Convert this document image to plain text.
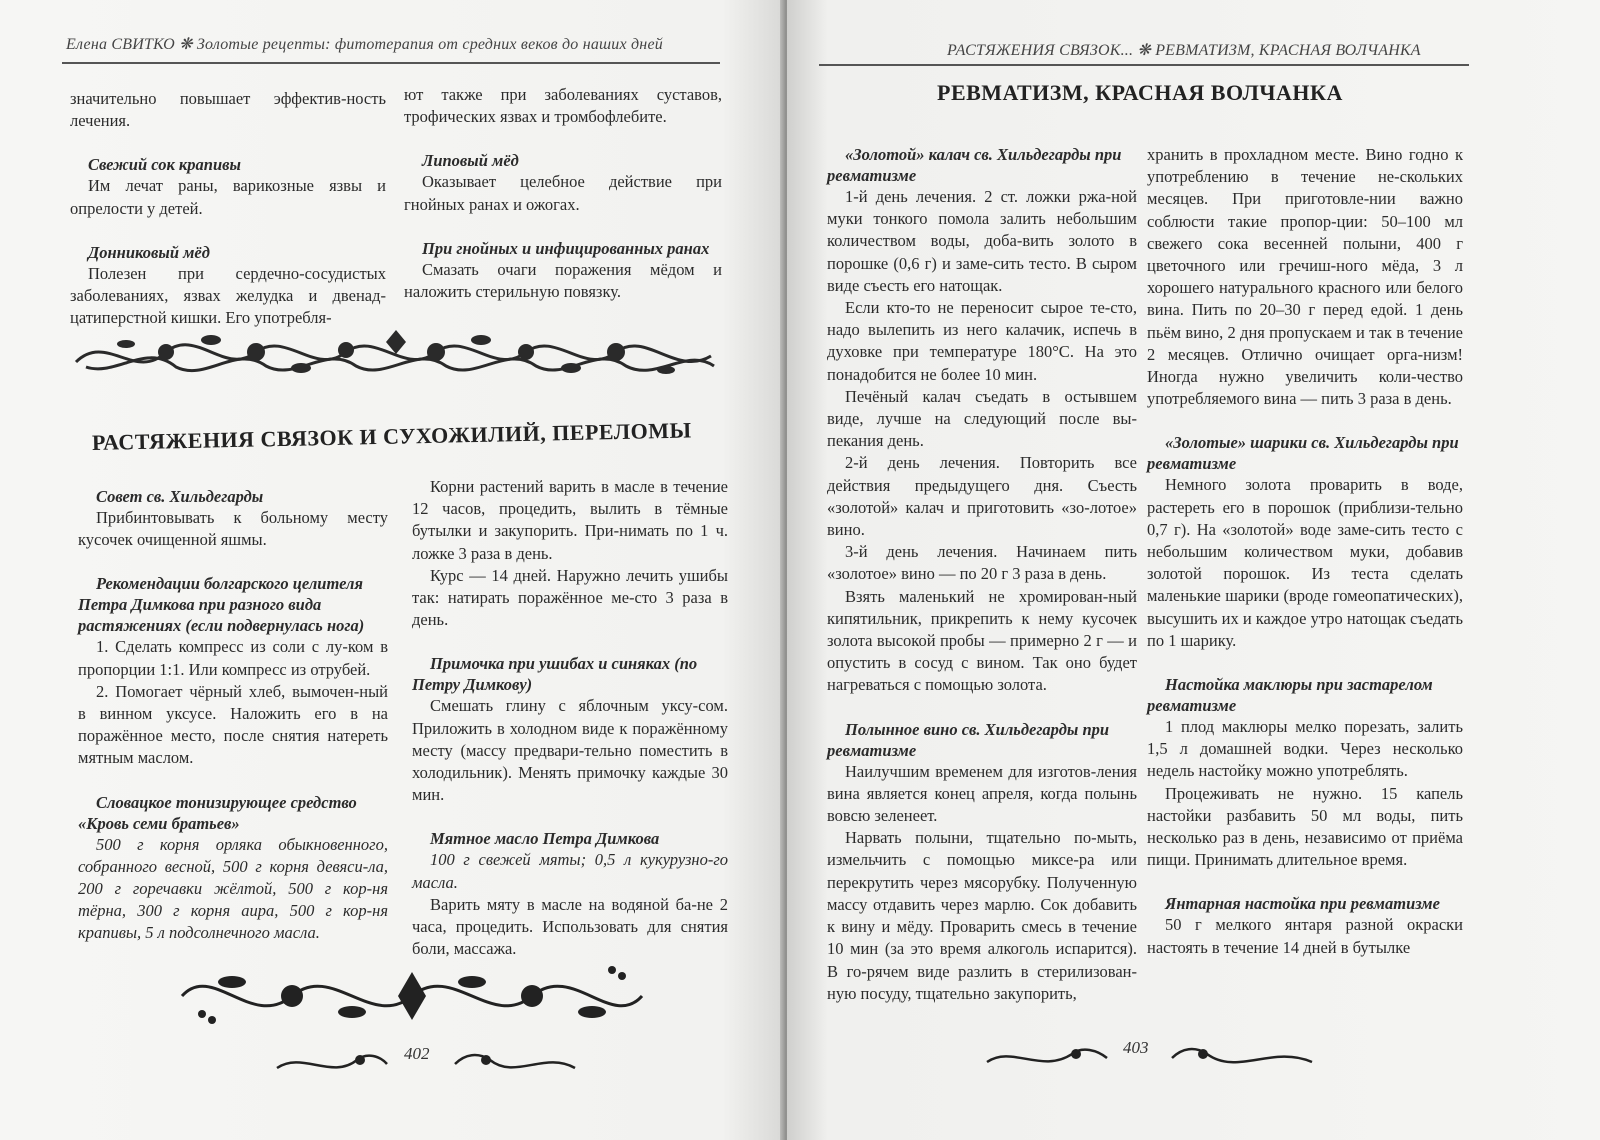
Елена СВИТКО ❋ Золотые рецепты: фитотерапия от средних веков до наших дней
значительно повышает эффектив-ность лечения.
Свежий сок крапивы
Им лечат раны, варикозные язвы и опрелости у детей.
Донниковый мёд
Полезен при сердечно-сосудистых заболеваниях, язвах желудка и двенад-цатиперстной кишки. Его употребля-
ют также при заболеваниях суставов, трофических язвах и тромбофлебите.
Липовый мёд
Оказывает целебное действие при гнойных ранах и ожогах.
При гнойных и инфицированных ранах
Смазать очаги поражения мёдом и наложить стерильную повязку.
РАСТЯЖЕНИЯ СВЯЗОК И СУХОЖИЛИЙ, ПЕРЕЛОМЫ
Совет св. Хильдегарды
Прибинтовывать к больному месту кусочек очищенной яшмы.
Рекомендации болгарского целителя Петра Димкова при разного вида растяжениях (если подвернулась нога)
1. Сделать компресс из соли с лу-ком в пропорции 1:1. Или компресс из отрубей.
2. Помогает чёрный хлеб, вымочен-ный в винном уксусе. Наложить его в на поражённое место, после снятия натереть мятным маслом.
Словацкое тонизирующее средство «Кровь семи братьев»
500 г корня орляка обыкновенного, собранного весной, 500 г корня девяси-ла, 200 г горечавки жёлтой, 500 г кор-ня тёрна, 300 г корня аира, 500 г кор-ня крапивы, 5 л подсолнечного масла.
Корни растений варить в масле в течение 12 часов, процедить, вылить в тёмные бутылки и закупорить. При-нимать по 1 ч. ложке 3 раза в день.
Курс — 14 дней. Наружно лечить ушибы так: натирать поражённое ме-сто 3 раза в день.
Примочка при ушибах и синяках (по Петру Димкову)
Смешать глину с яблочным уксу-сом. Приложить в холодном виде к поражённому месту (массу предвари-тельно поместить в холодильник). Менять примочку каждые 30 мин.
Мятное масло Петра Димкова
100 г свежей мяты; 0,5 л кукурузно-го масла.
Варить мяту в масле на водяной ба-не 2 часа, процедить. Использовать для снятия боли, массажа.
402
РАСТЯЖЕНИЯ СВЯЗОК... ❋ РЕВМАТИЗМ, КРАСНАЯ ВОЛЧАНКА
РЕВМАТИЗМ, КРАСНАЯ ВОЛЧАНКА
«Золотой» калач св. Хильдегарды при ревматизме
1-й день лечения. 2 ст. ложки ржа-ной муки тонкого помола залить небольшим количеством воды, доба-вить золото в порошке (0,6 г) и заме-сить тесто. В сыром виде съесть его натощак.
Если кто-то не переносит сырое те-сто, надо вылепить из него калачик, испечь в духовке при температуре 180°С. На это понадобится не более 10 мин.
Печёный калач съедать в остывшем виде, лучше на следующий после вы-пекания день.
2-й день лечения. Повторить все действия предыдущего дня. Съесть «золотой» калач и приготовить «зо-лотое» вино.
3-й день лечения. Начинаем пить «золотое» вино — по 20 г 3 раза в день.
Взять маленький не хромирован-ный кипятильник, прикрепить к нему кусочек золота высокой пробы — примерно 2 г — и опустить в сосуд с вином. Так оно будет нагреваться с помощью золота.
Полынное вино св. Хильдегарды при ревматизме
Наилучшим временем для изготов-ления вина является конец апреля, когда полынь вовсю зеленеет.
Нарвать полыни, тщательно по-мыть, измельчить с помощью миксе-ра или перекрутить через мясорубку. Полученную массу отдавить через марлю. Сок добавить к вину и мёду. Проварить смесь в течение 10 мин (за это время алкоголь испарится). В го-рячем виде разлить в стерилизован-ную посуду, тщательно закупорить,
хранить в прохладном месте. Вино годно к употреблению в течение не-скольких месяцев. При приготовле-нии важно соблюсти такие пропор-ции: 50–100 мл свежего сока весенней полыни, 400 г цветочного или гречиш-ного мёда, 3 л хорошего натурального красного или белого вина. Пить по 20–30 г перед едой. 1 день пьём вино, 2 дня пропускаем и так в течение 2 месяцев. Отлично очищает орга-низм! Иногда нужно увеличить коли-чество употребляемого вина — пить 3 раза в день.
«Золотые» шарики св. Хильдегарды при ревматизме
Немного золота проварить в воде, растереть его в порошок (приблизи-тельно 0,7 г). На «золотой» воде заме-сить тесто с небольшим количеством муки, добавив золотой порошок. Из теста сделать маленькие шарики (вроде гомеопатических), высушить их и каждое утро натощак съедать по 1 шарику.
Настойка маклюры при застарелом ревматизме
1 плод маклюры мелко порезать, залить 1,5 л домашней водки. Через несколько недель настойку можно употреблять.
Процеживать не нужно. 15 капель настойки разбавить 50 мл воды, пить несколько раз в день, независимо от приёма пищи. Принимать длительное время.
Янтарная настойка при ревматизме
50 г мелкого янтаря разной окраски настоять в течение 14 дней в бутылке
403
